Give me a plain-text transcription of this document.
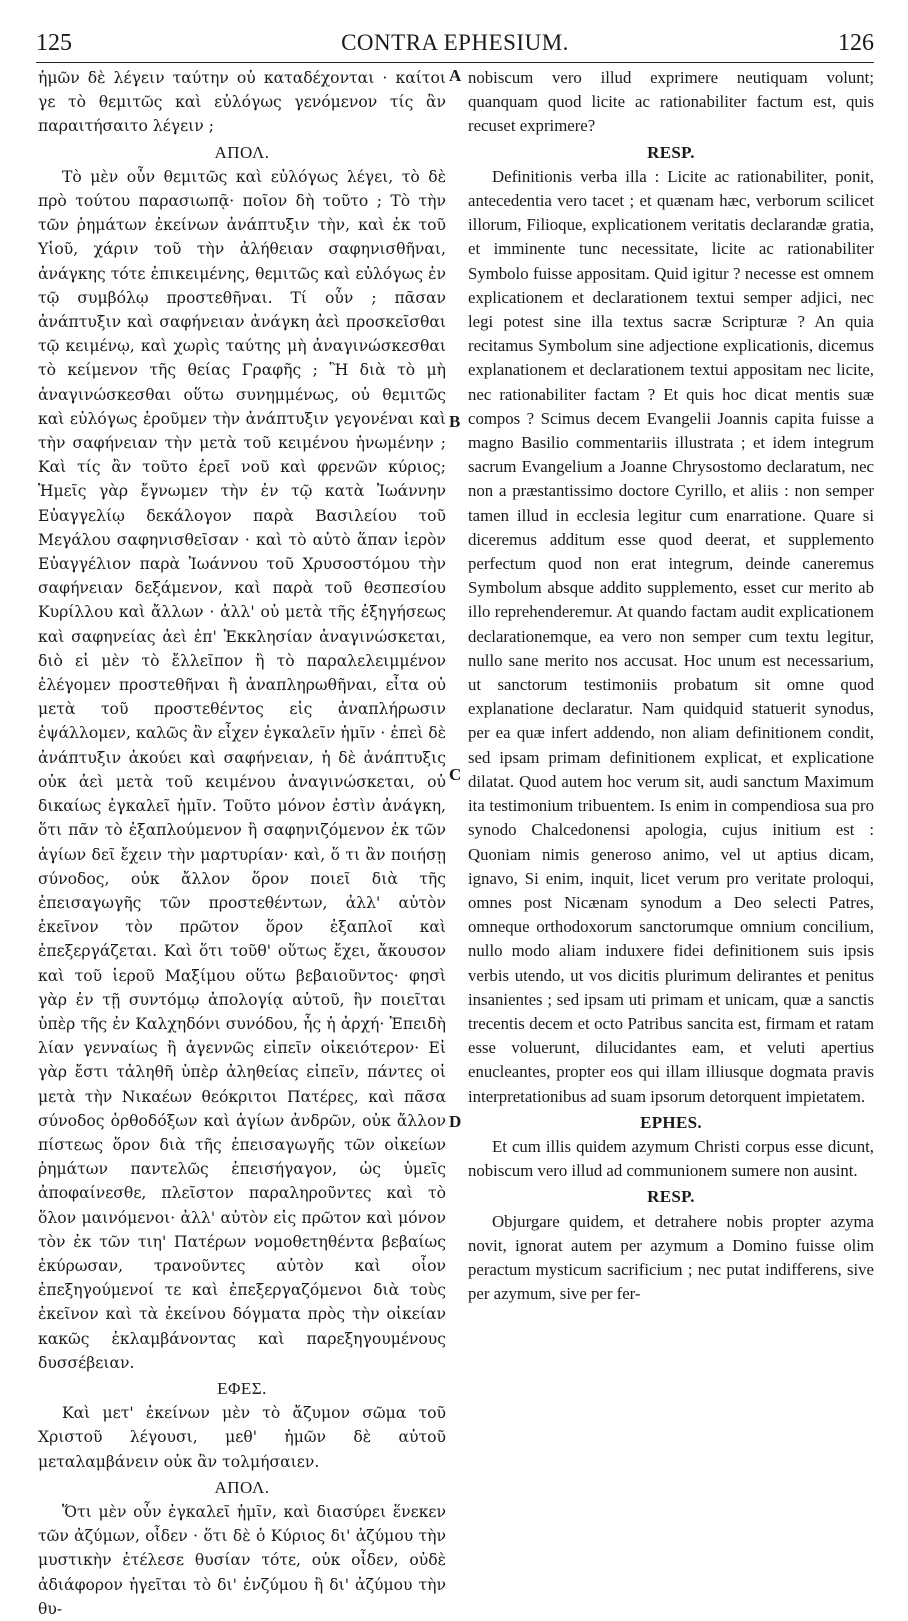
125	CONTRA EPHESIUM.	126

ἡμῶν δὲ λέγειν ταύτην οὐ καταδέχονται · καίτοι γε τὸ θεμιτῶς καὶ εὐλόγως γενόμενον τίς ἂν παραιτήσαιτο λέγειν ;

ΑΠΟΛ.

Τὸ μὲν οὖν θεμιτῶς καὶ εὐλόγως λέγει, τὸ δὲ πρὸ τούτου παρασιωπᾷ· ποῖον δὴ τοῦτο ; Τὸ τὴν τῶν ῥημάτων ἐκείνων ἀνάπτυξιν τὴν, καὶ ἐκ τοῦ Υἱοῦ, χάριν τοῦ τὴν ἀλήθειαν σαφηνισθῆναι, ἀνάγκης τότε ἐπικειμένης, θεμιτῶς καὶ εὐλόγως ἐν τῷ συμβόλῳ προστεθῆναι. Τί οὖν ; πᾶσαν ἀνάπτυξιν καὶ σαφήνειαν ἀνάγκη ἀεὶ προσκεῖσθαι τῷ κειμένῳ, καὶ χωρὶς ταύτης μὴ ἀναγινώσκεσθαι τὸ κείμενον τῆς θείας Γραφῆς ; Ἢ διὰ τὸ μὴ ἀναγινώσκεσθαι οὕτω συνημμένως, οὐ θεμιτῶς καὶ εὐλόγως ἐροῦμεν τὴν ἀνάπτυξιν γεγονέναι καὶ τὴν σαφήνειαν τὴν μετὰ τοῦ κειμένου ἡνωμένην ; Καὶ τίς ἂν τοῦτο ἐρεῖ νοῦ καὶ φρενῶν κύριος; Ἡμεῖς γὰρ ἔγνωμεν τὴν ἐν τῷ κατὰ Ἰωάννην Εὐαγγελίῳ δεκάλογον παρὰ Βασιλείου τοῦ Μεγάλου σαφηνισθεῖσαν · καὶ τὸ αὐτὸ ἅπαν ἱερὸν Εὐαγγέλιον παρὰ Ἰωάννου τοῦ Χρυσοστόμου τὴν σαφήνειαν δεξάμενον, καὶ παρὰ τοῦ θεσπεσίου Κυρίλλου καὶ ἄλλων · ἀλλ' οὐ μετὰ τῆς ἐξηγήσεως καὶ σαφηνείας ἀεὶ ἐπ' Ἐκκλησίαν ἀναγινώσκεται, διὸ εἰ μὲν τὸ ἔλλεῖπον ἢ τὸ παραλελειμμένον ἐλέγομεν προστεθῆναι ἢ ἀναπληρωθῆναι, εἶτα οὐ μετὰ τοῦ προστεθέντος εἰς ἀναπλήρωσιν ἐψάλλομεν, καλῶς ἂν εἶχεν ἐγκαλεῖν ἡμῖν · ἐπεὶ δὲ ἀνάπτυξιν ἀκούει καὶ σαφήνειαν, ἡ δὲ ἀνάπτυξις οὐκ ἀεὶ μετὰ τοῦ κειμένου ἀναγινώσκεται, οὐ δικαίως ἐγκαλεῖ ἡμῖν. Τοῦτο μόνον ἐστὶν ἀνάγκη, ὅτι πᾶν τὸ ἐξαπλούμενον ἢ σαφηνιζόμενον ἐκ τῶν ἁγίων δεῖ ἔχειν τὴν μαρτυρίαν· καὶ, ὅ τι ἂν ποιήσῃ σύνοδος, οὐκ ἄλλον ὅρον ποιεῖ διὰ τῆς ἐπεισαγωγῆς τῶν προστεθέντων, ἀλλ' αὐτὸν ἐκεῖνον τὸν πρῶτον ὅρον ἐξαπλοῖ καὶ ἐπεξεργάζεται. Καὶ ὅτι τοῦθ' οὕτως ἔχει, ἄκουσον καὶ τοῦ ἱεροῦ Μαξίμου οὕτω βεβαιοῦντος· φησὶ γὰρ ἐν τῇ συντόμῳ ἀπολογίᾳ αὐτοῦ, ἣν ποιεῖται ὑπὲρ τῆς ἐν Καλχηδόνι συνόδου, ἧς ἡ ἀρχή· Ἐπειδὴ λίαν γενναίως ἢ ἀγεννῶς εἰπεῖν οἰκειότερον· Εἰ γὰρ ἔστι τἀληθῆ ὑπὲρ ἀληθείας εἰπεῖν, πάντες οἱ μετὰ τὴν Νικαέων θεόκριτοι Πατέρες, καὶ πᾶσα σύνοδος ὀρθοδόξων καὶ ἁγίων ἀνδρῶν, οὐκ ἄλλον πίστεως ὅρον διὰ τῆς ἐπεισαγωγῆς τῶν οἰκείων ῥημάτων παντελῶς ἐπεισήγαγον, ὡς ὑμεῖς ἀποφαίνεσθε, πλεῖστον παραληροῦντες καὶ τὸ ὅλον μαινόμενοι· ἀλλ' αὐτὸν εἰς πρῶτον καὶ μόνον τὸν ἐκ τῶν τιη' Πατέρων νομοθετηθέντα βεβαίως ἐκύρωσαν, τρανοῦντες αὐτὸν καὶ οἷον ἐπεξηγούμενοί τε καὶ ἐπεξεργαζόμενοι διὰ τοὺς ἐκεῖνον καὶ τὰ ἐκείνου δόγματα πρὸς τὴν οἰκείαν κακῶς ἐκλαμβάνοντας καὶ παρεξηγουμένους δυσσέβειαν.

ΕΦΕΣ.

Καὶ μετ' ἐκείνων μὲν τὸ ἄζυμον σῶμα τοῦ Χριστοῦ λέγουσι, μεθ' ἡμῶν δὲ αὐτοῦ μεταλαμβάνειν οὐκ ἂν τολμήσαιεν.

ΑΠΟΛ.

Ὅτι μὲν οὖν ἐγκαλεῖ ἡμῖν, καὶ διασύρει ἕνεκεν τῶν ἀζύμων, οἶδεν · ὅτι δὲ ὁ Κύριος δι' ἀζύμου τὴν μυστικὴν ἐτέλεσε θυσίαν τότε, οὐκ οἶδεν, οὐδὲ ἀδιάφορον ἡγεῖται τὸ δι' ἐνζύμου ἢ δι' ἀζύμου τὴν θυ-

A
B
C
D

nobiscum vero illud exprimere neutiquam volunt; quanquam quod licite ac rationabiliter factum est, quis recuset exprimere?

RESP.

Definitionis verba illa : Licite ac rationabiliter, ponit, antecedentia vero tacet ; et quænam hæc, verborum scilicet illorum, Filioque, explicationem veritatis declarandæ gratia, et imminente tunc necessitate, licite ac rationabiliter Symbolo fuisse appositam. Quid igitur ? necesse est omnem explicationem et declarationem textui semper adjici, nec legi potest sine illa textus sacræ Scripturæ ? An quia recitamus Symbolum sine adjectione explicationis, dicemus explanationem et declarationem textui appositam nec licite, nec rationabiliter factam ? Et quis hoc dicat mentis suæ compos ? Scimus decem Evangelii Joannis capita fuisse a magno Basilio commentariis illustrata ; et idem integrum sacrum Evangelium a Joanne Chrysostomo declaratum, nec non a præstantissimo doctore Cyrillo, et aliis : non semper tamen illud in ecclesia legitur cum enarratione. Quare si diceremus additum esse quod deerat, et supplemento perfectum quod non erat integrum, deinde caneremus Symbolum absque addito supplemento, esset cur merito ab illo reprehenderemur. At quando factam audit explicationem declarationemque, ea vero non semper cum textu legitur, nullo sane merito nos accusat. Hoc unum est necessarium, ut sanctorum testimoniis probatum sit omne quod explanatione declaratur. Nam quidquid statuerit synodus, per ea quæ infert addendo, non aliam definitionem condit, sed ipsam primam definitionem explicat, et explicatione dilatat. Quod autem hoc verum sit, audi sanctum Maximum ita testimonium tribuentem. Is enim in compendiosa sua pro synodo Chalcedonensi apologia, cujus initium est : Quoniam nimis generoso animo, vel ut aptius dicam, ignavo, Si enim, inquit, licet verum pro veritate proloqui, omnes post Nicænam synodum a Deo selecti Patres, omneque orthodoxorum sanctorumque omnium concilium, nullo modo aliam induxere fidei definitionem suis ipsis verbis utendo, ut vos dicitis plurimum delirantes et penitus insanientes ; sed ipsam uti primam et unicam, quæ a sanctis trecentis decem et octo Patribus sancita est, firmam et ratam esse voluerunt, dilucidantes eam, et veluti apertius enucleantes, propter eos qui illam illiusque dogmata pravis interpretationibus ad suam ipsorum detorquent impietatem.

EPHES.

Et cum illis quidem azymum Christi corpus esse dicunt, nobiscum vero illud ad communionem sumere non ausint.

RESP.

Objurgare quidem, et detrahere nobis propter azyma novit, ignorat autem per azymum a Domino fuisse olim peractum mysticum sacrificium ; nec putat indifferens, sive per azymum, sive per fer-
